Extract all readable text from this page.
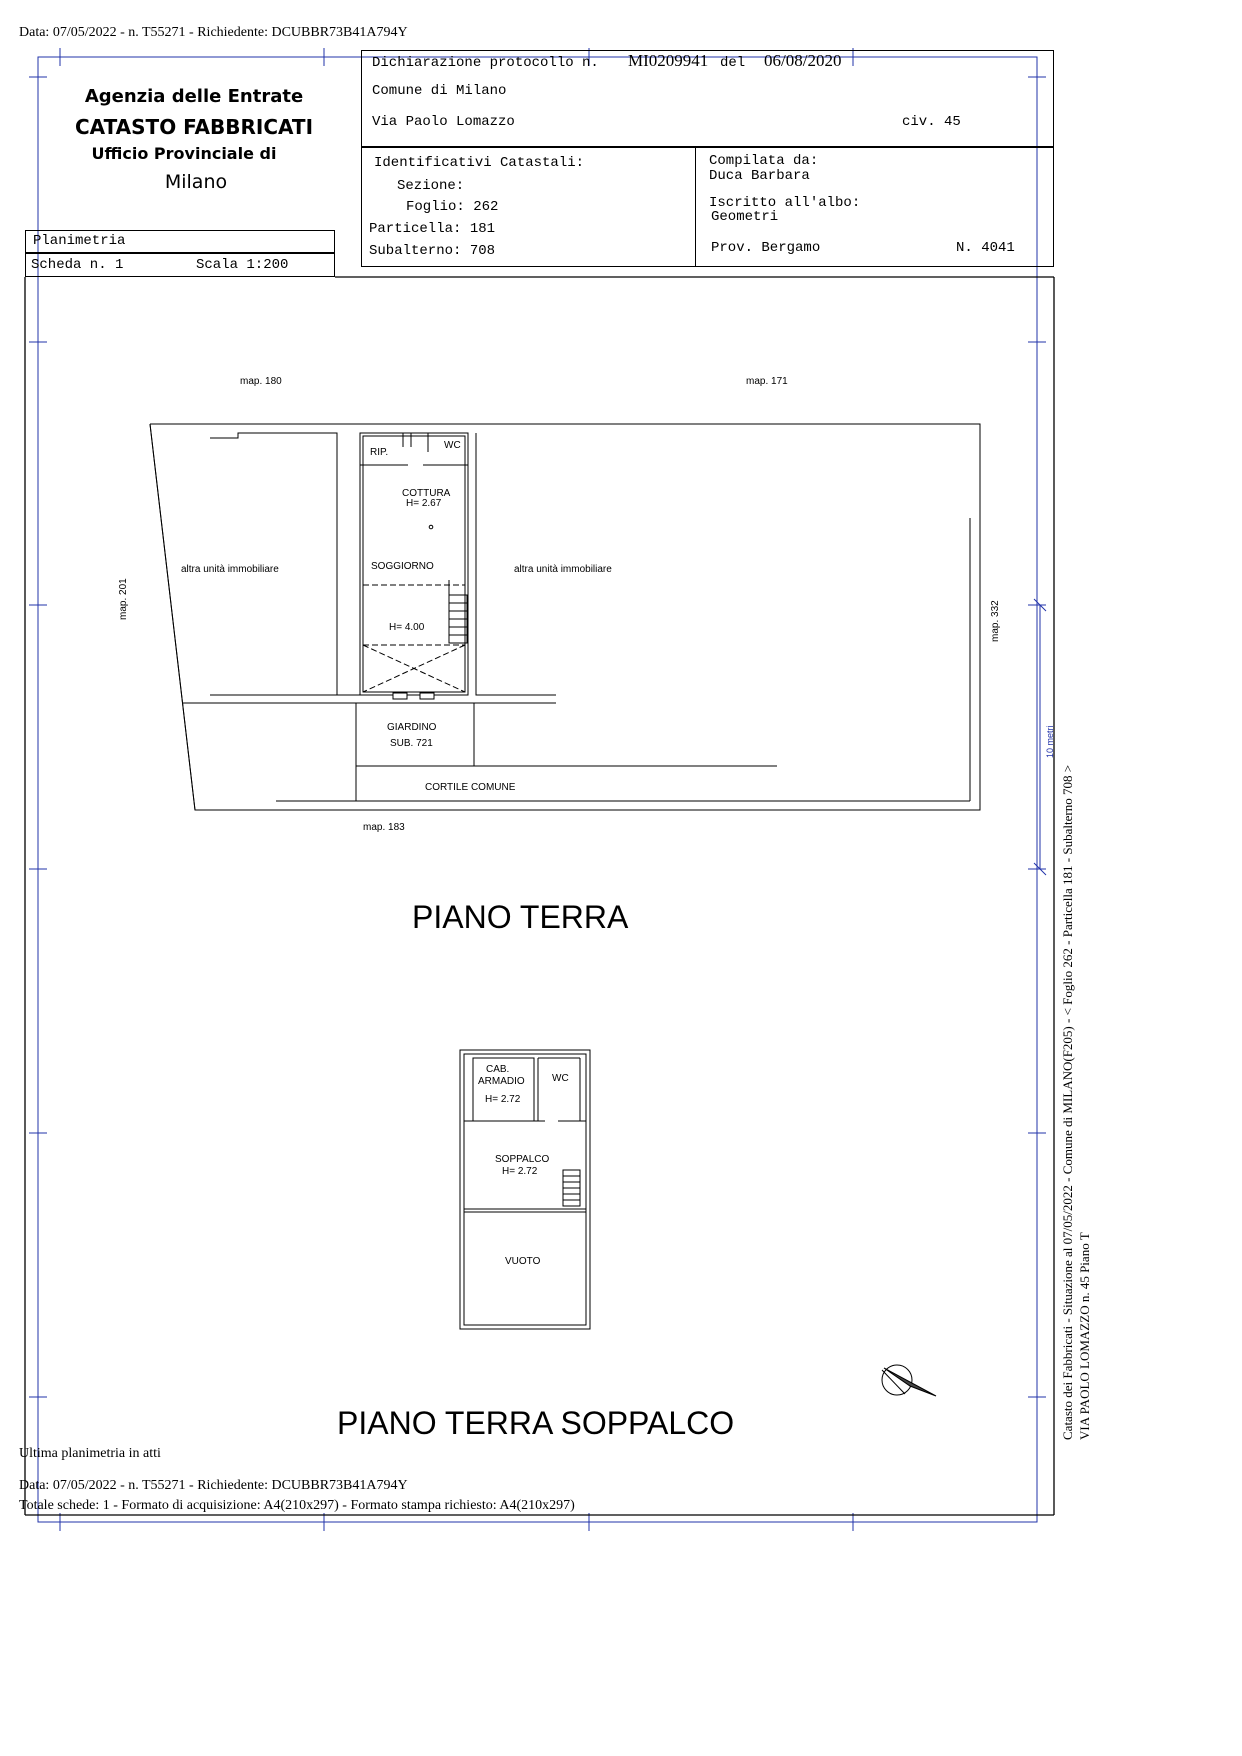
Data: 07/05/2022 - n. T55271 - Richiedente: DCUBBR73B41A794Y
Agenzia delle Entrate
CATASTO FABBRICATI
Ufficio Provinciale di
Milano
Planimetria
Scheda n. 1	Scala 1:200
Dichiarazione protocollo n. MI0209941 del 06/08/2020
Comune di Milano
Via Paolo Lomazzo	civ. 45
Identificativi Catastali:
Sezione:
Foglio: 262
Particella: 181
Subalterno: 708
Compilata da:
Duca Barbara
Iscritto all'albo:
Geometri
Prov. Bergamo	N. 4041
map. 180	map. 171
map. 201
map. 332
map. 183
RIP.
WC
COTTURA
H= 2.67
SOGGIORNO
H= 4.00
altra unità immobiliare	altra unità immobiliare
GIARDINO
SUB. 721
CORTILE COMUNE
PIANO TERRA
CAB.
ARMADIO
H= 2.72
WC
SOPPALCO
H= 2.72
VUOTO
PIANO TERRA SOPPALCO	Catasto dei Fabbricati - Situazione al 07/05/2022 - Comune di MILANO(F205) - < Foglio 262 - Particella 181 - Subalterno 708 > VIA PAOLO LOMAZZO n. 45 Piano T
10 metri
Ultima planimetria in atti
Data: 07/05/2022 - n. T55271 - Richiedente: DCUBBR73B41A794Y
Totale schede: 1 - Formato di acquisizione: A4(210x297) - Formato stampa richiesto: A4(210x297)
